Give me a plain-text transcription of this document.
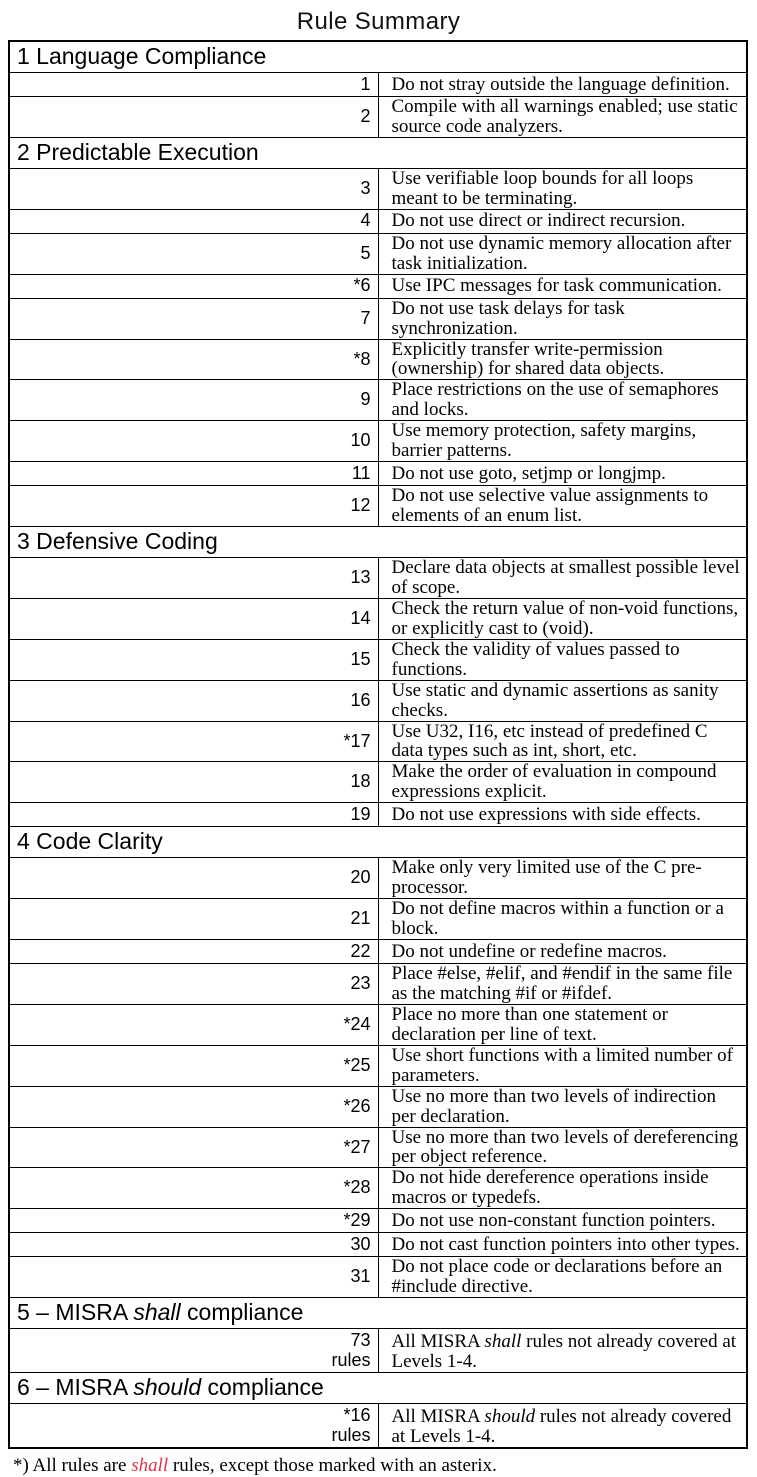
Rule Summary
1 Language Compliance	

1	Do not stray outside the language definition.

2	Compile with all warnings enabled; use static source code analyzers.
2 Predictable Execution	

3	Use verifiable loop bounds for all loops meant to be terminating.

4	Do not use direct or indirect recursion.

5	Do not use dynamic memory allocation after task initialization.

*6	Use IPC messages for task communication.

7	Do not use task delays for task synchronization.

*8	Explicitly transfer write-permission (ownership) for shared data objects.

9	Place restrictions on the use of semaphores and locks.

10	Use memory protection, safety margins, barrier patterns.

11	Do not use goto, setjmp or longjmp.

12	Do not use selective value assignments to elements of an enum list.
3 Defensive Coding	

13	Declare data objects at smallest possible level of scope.

14	Check the return value of non-void functions, or explicitly cast to (void).

15	Check the validity of values passed to functions.

16	Use static and dynamic assertions as sanity checks.

*17	Use U32, I16, etc instead of predefined C data types such as int, short, etc.

18	Make the order of evaluation in compound expressions explicit.

19	Do not use expressions with side effects.
4 Code Clarity	

20	Make only very limited use of the C pre-processor.

21	Do not define macros within a function or a block.

22	Do not undefine or redefine macros.

23	Place #else, #elif, and #endif in the same file as the matching #if or #ifdef.

*24	Place no more than one statement or declaration per line of text.

*25	Use short functions with a limited number of parameters.

*26	Use no more than two levels of indirection per declaration.

*27	Use no more than two levels of dereferencing per object reference.

*28	Do not hide dereference operations inside macros or typedefs.

*29	Do not use non-constant function pointers.

30	Do not cast function pointers into other types.

31	Do not place code or declarations before an #include directive.
5 – MISRA shall compliance	

73
rules	All MISRA shall rules not already covered at Levels 1-4.
6 – MISRA should compliance	

*16
rules	All MISRA should rules not already covered at Levels 1-4.
*) All rules are shall rules, except those marked with an asterix.
